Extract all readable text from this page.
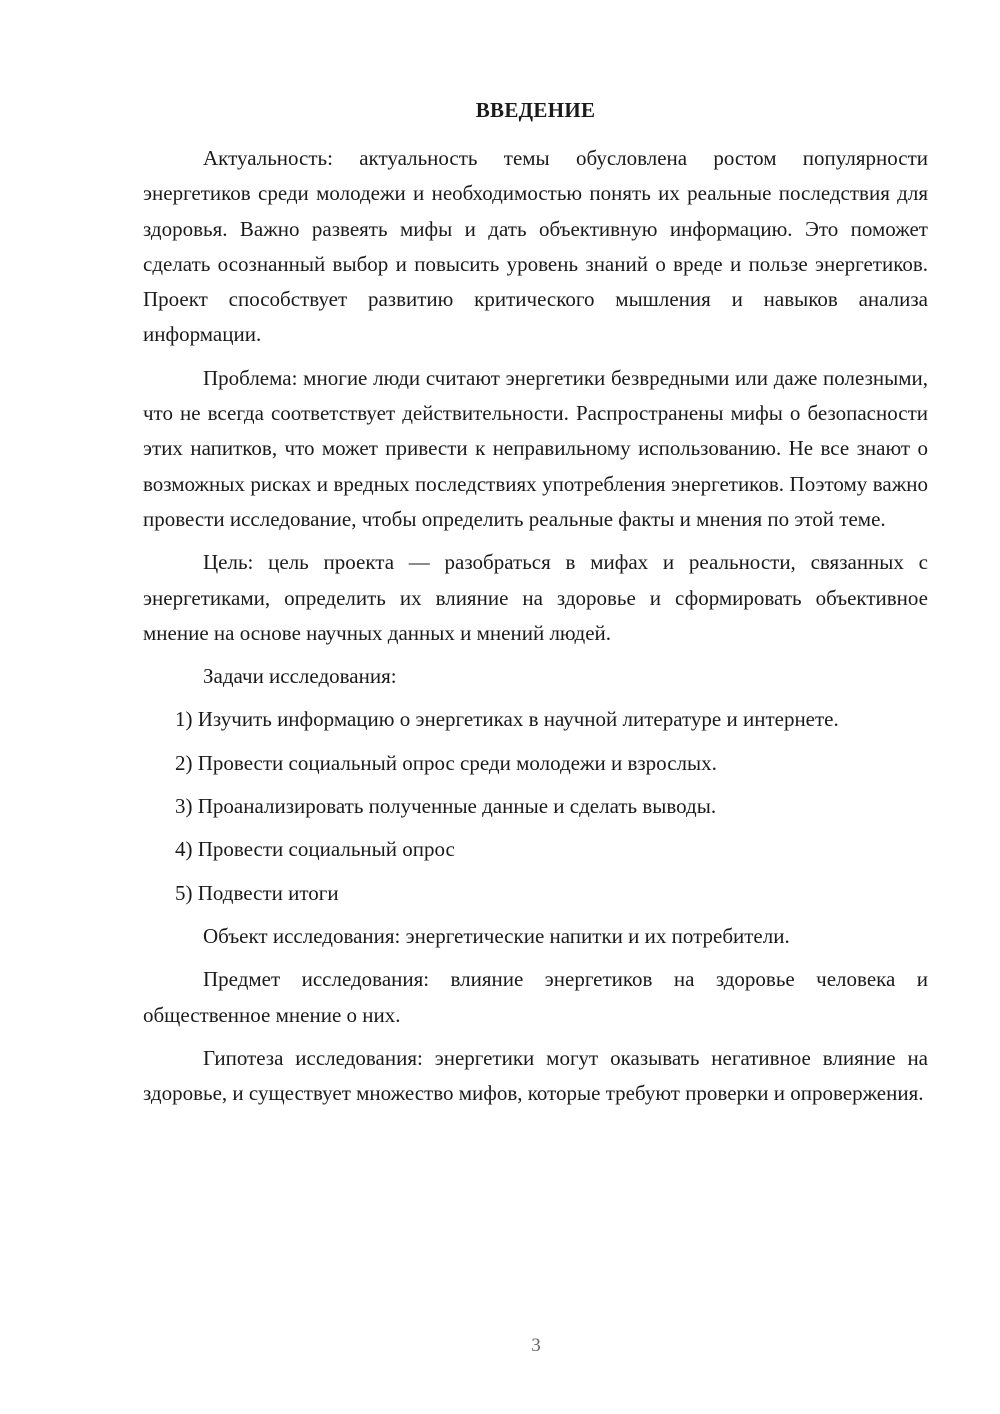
ВВЕДЕНИЕ

Актуальность: актуальность темы обусловлена ростом популярности энергетиков среди молодежи и необходимостью понять их реальные последствия для здоровья. Важно развеять мифы и дать объективную информацию. Это поможет сделать осознанный выбор и повысить уровень знаний о вреде и пользе энергетиков. Проект способствует развитию критического мышления и навыков анализа информации.

Проблема: многие люди считают энергетики безвредными или даже полезными, что не всегда соответствует действительности. Распространены мифы о безопасности этих напитков, что может привести к неправильному использованию. Не все знают о возможных рисках и вредных последствиях употребления энергетиков. Поэтому важно провести исследование, чтобы определить реальные факты и мнения по этой теме.

Цель: цель проекта — разобраться в мифах и реальности, связанных с энергетиками, определить их влияние на здоровье и сформировать объективное мнение на основе научных данных и мнений людей.

Задачи исследования:

1) Изучить информацию о энергетиках в научной литературе и интернете.

2) Провести социальный опрос среди молодежи и взрослых.

3) Проанализировать полученные данные и сделать выводы.

4) Провести социальный опрос

5) Подвести итоги

Объект исследования: энергетические напитки и их потребители.

Предмет исследования: влияние энергетиков на здоровье человека и общественное мнение о них.

Гипотеза исследования: энергетики могут оказывать негативное влияние на здоровье, и существует множество мифов, которые требуют проверки и опровержения.

3
